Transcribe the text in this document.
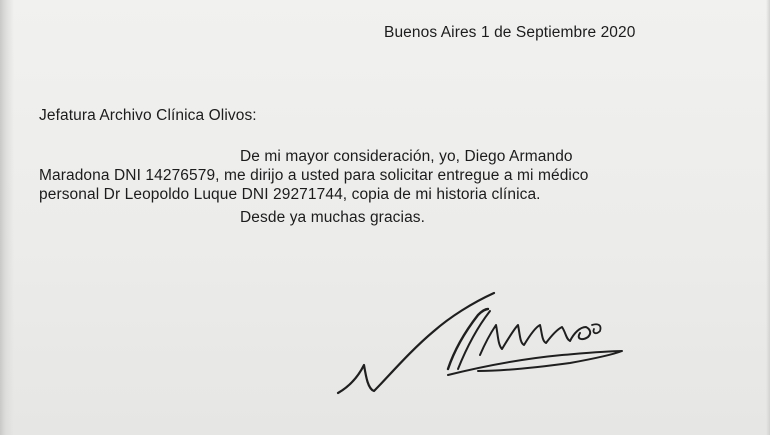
Buenos Aires 1 de Septiembre 2020
Jefatura Archivo Clínica Olivos:
De mi mayor consideración, yo, Diego Armando
Maradona DNI 14276579, me dirijo a usted para solicitar entregue a mi médico
personal Dr Leopoldo Luque DNI 29271744, copia de mi historia clínica.
Desde ya muchas gracias.
